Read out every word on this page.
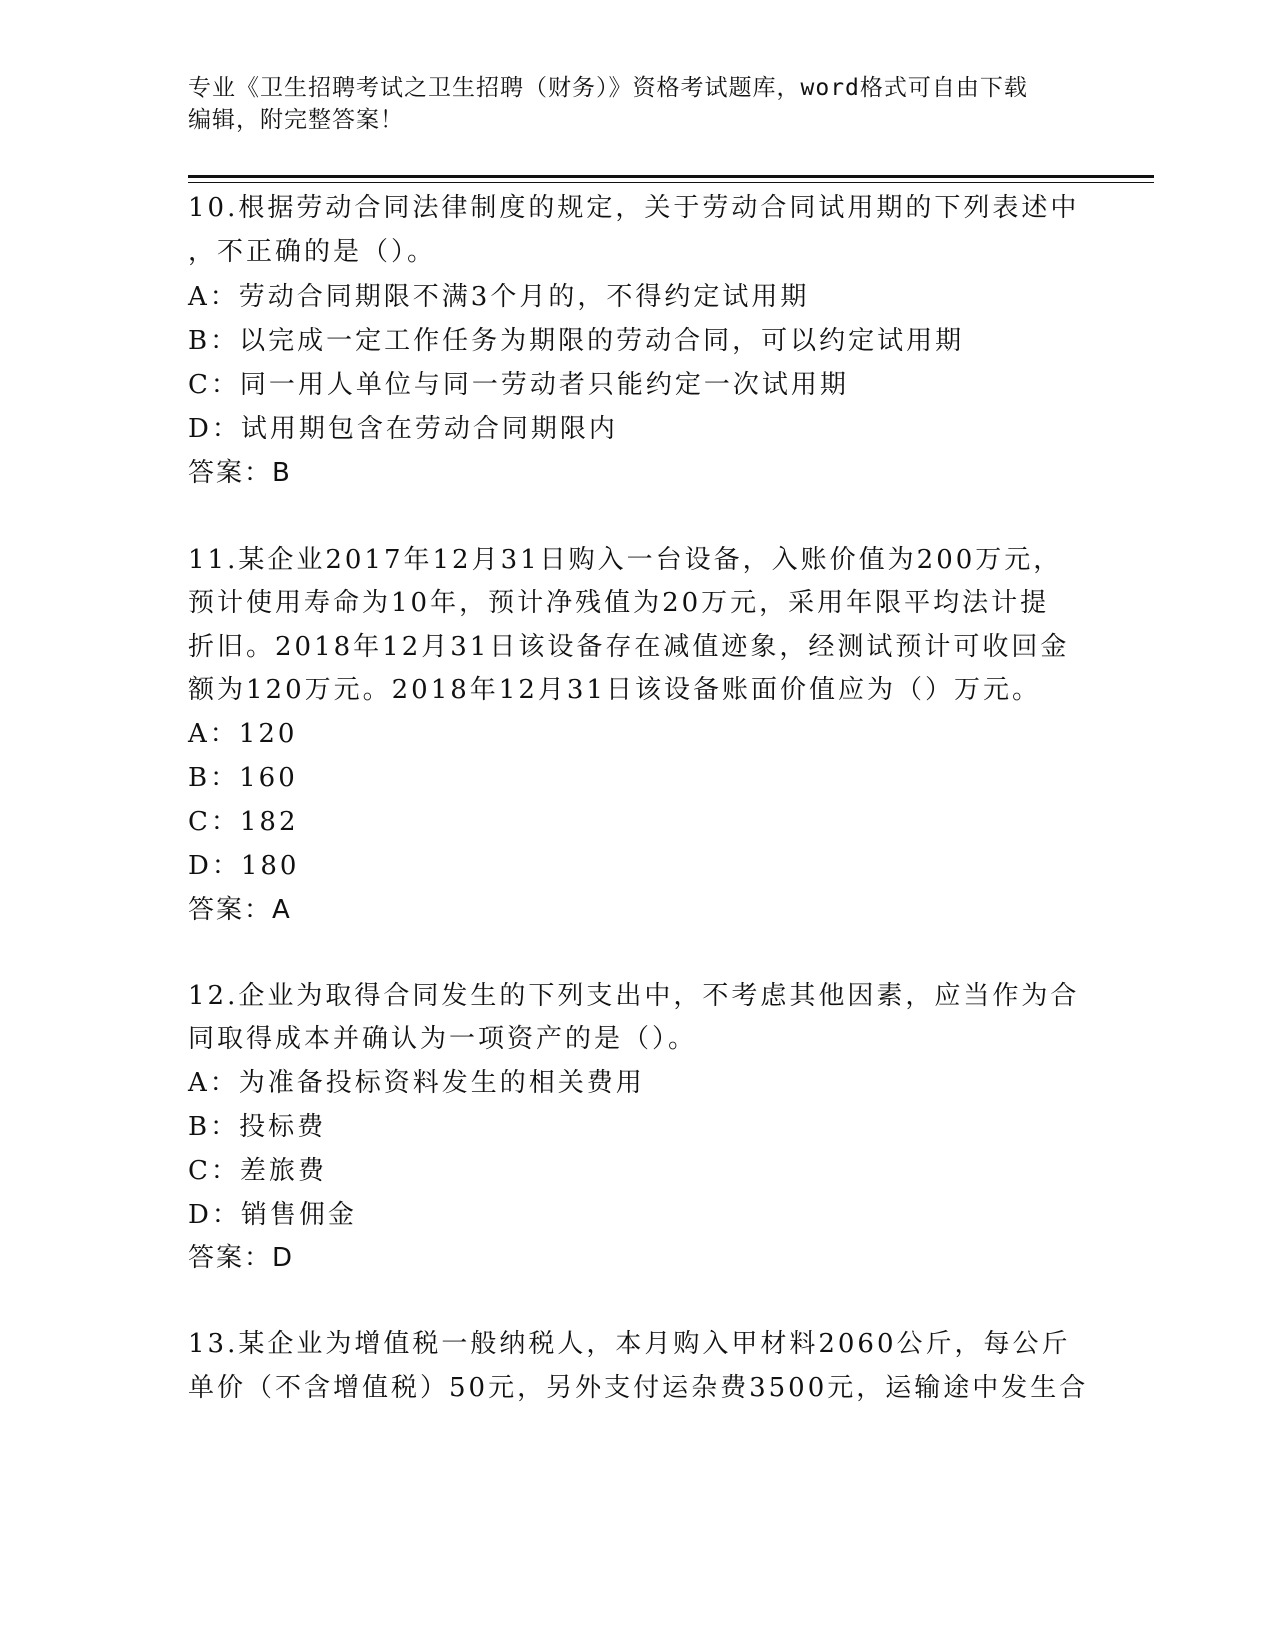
专业《卫生招聘考试之卫生招聘（财务）》资格考试题库，word格式可自由下载
编辑，附完整答案！
10.根据劳动合同法律制度的规定，关于劳动合同试用期的下列表述中
，不正确的是（）。
A：劳动合同期限不满3个月的，不得约定试用期
B：以完成一定工作任务为期限的劳动合同，可以约定试用期
C：同一用人单位与同一劳动者只能约定一次试用期
D：试用期包含在劳动合同期限内
答案：B
11.某企业2017年12月31日购入一台设备，入账价值为200万元，
预计使用寿命为10年，预计净残值为20万元，采用年限平均法计提
折旧。2018年12月31日该设备存在减值迹象，经测试预计可收回金
额为120万元。2018年12月31日该设备账面价值应为（）万元。
A：120
B：160
C：182
D：180
答案：A
12.企业为取得合同发生的下列支出中，不考虑其他因素，应当作为合
同取得成本并确认为一项资产的是（）。
A：为准备投标资料发生的相关费用
B：投标费
C：差旅费
D：销售佣金
答案：D
13.某企业为增值税一般纳税人，本月购入甲材料2060公斤，每公斤
单价（不含增值税）50元，另外支付运杂费3500元，运输途中发生合
